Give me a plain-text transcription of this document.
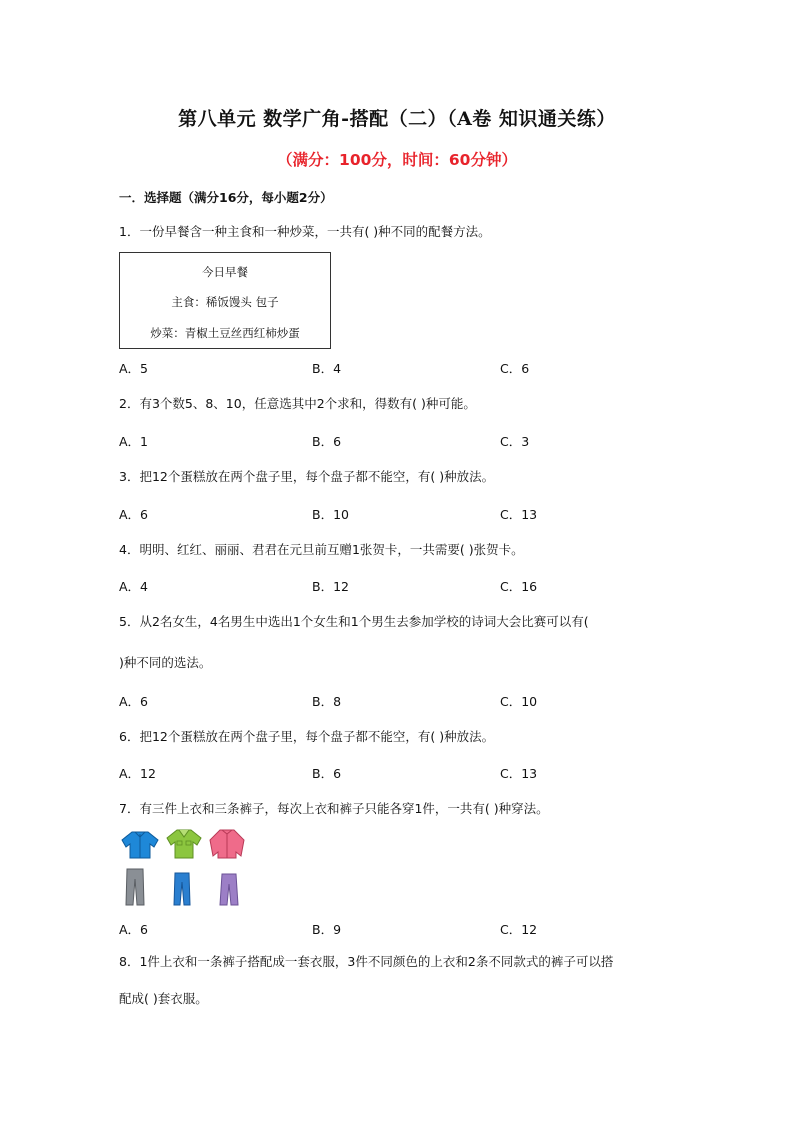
第八单元 数学广角-搭配（二）（A卷 知识通关练）
（满分：100分，时间：60分钟）
一．选择题（满分16分，每小题2分）
1．一份早餐含一种主食和一种炒菜，一共有( )种不同的配餐方法。
今日早餐
主食：稀饭馒头 包子
炒菜：青椒土豆丝西红柿炒蛋
A．5	B．4	C．6
2．有3个数5、8、10，任意选其中2个求和，得数有( )种可能。
A．1	B．6	C．3
3．把12个蛋糕放在两个盘子里，每个盘子都不能空，有( )种放法。
A．6	B．10	C．13
4．明明、红红、丽丽、君君在元旦前互赠1张贺卡，一共需要( )张贺卡。
A．4	B．12	C．16
5．从2名女生，4名男生中选出1个女生和1个男生去参加学校的诗词大会比赛可以有(
)种不同的选法。
A．6	B．8	C．10
6．把12个蛋糕放在两个盘子里，每个盘子都不能空，有( )种放法。
A．12	B．6	C．13
7．有三件上衣和三条裤子，每次上衣和裤子只能各穿1件，一共有( )种穿法。
A．6	B．9	C．12
8．1件上衣和一条裤子搭配成一套衣服，3件不同颜色的上衣和2条不同款式的裤子可以搭
配成( )套衣服。
